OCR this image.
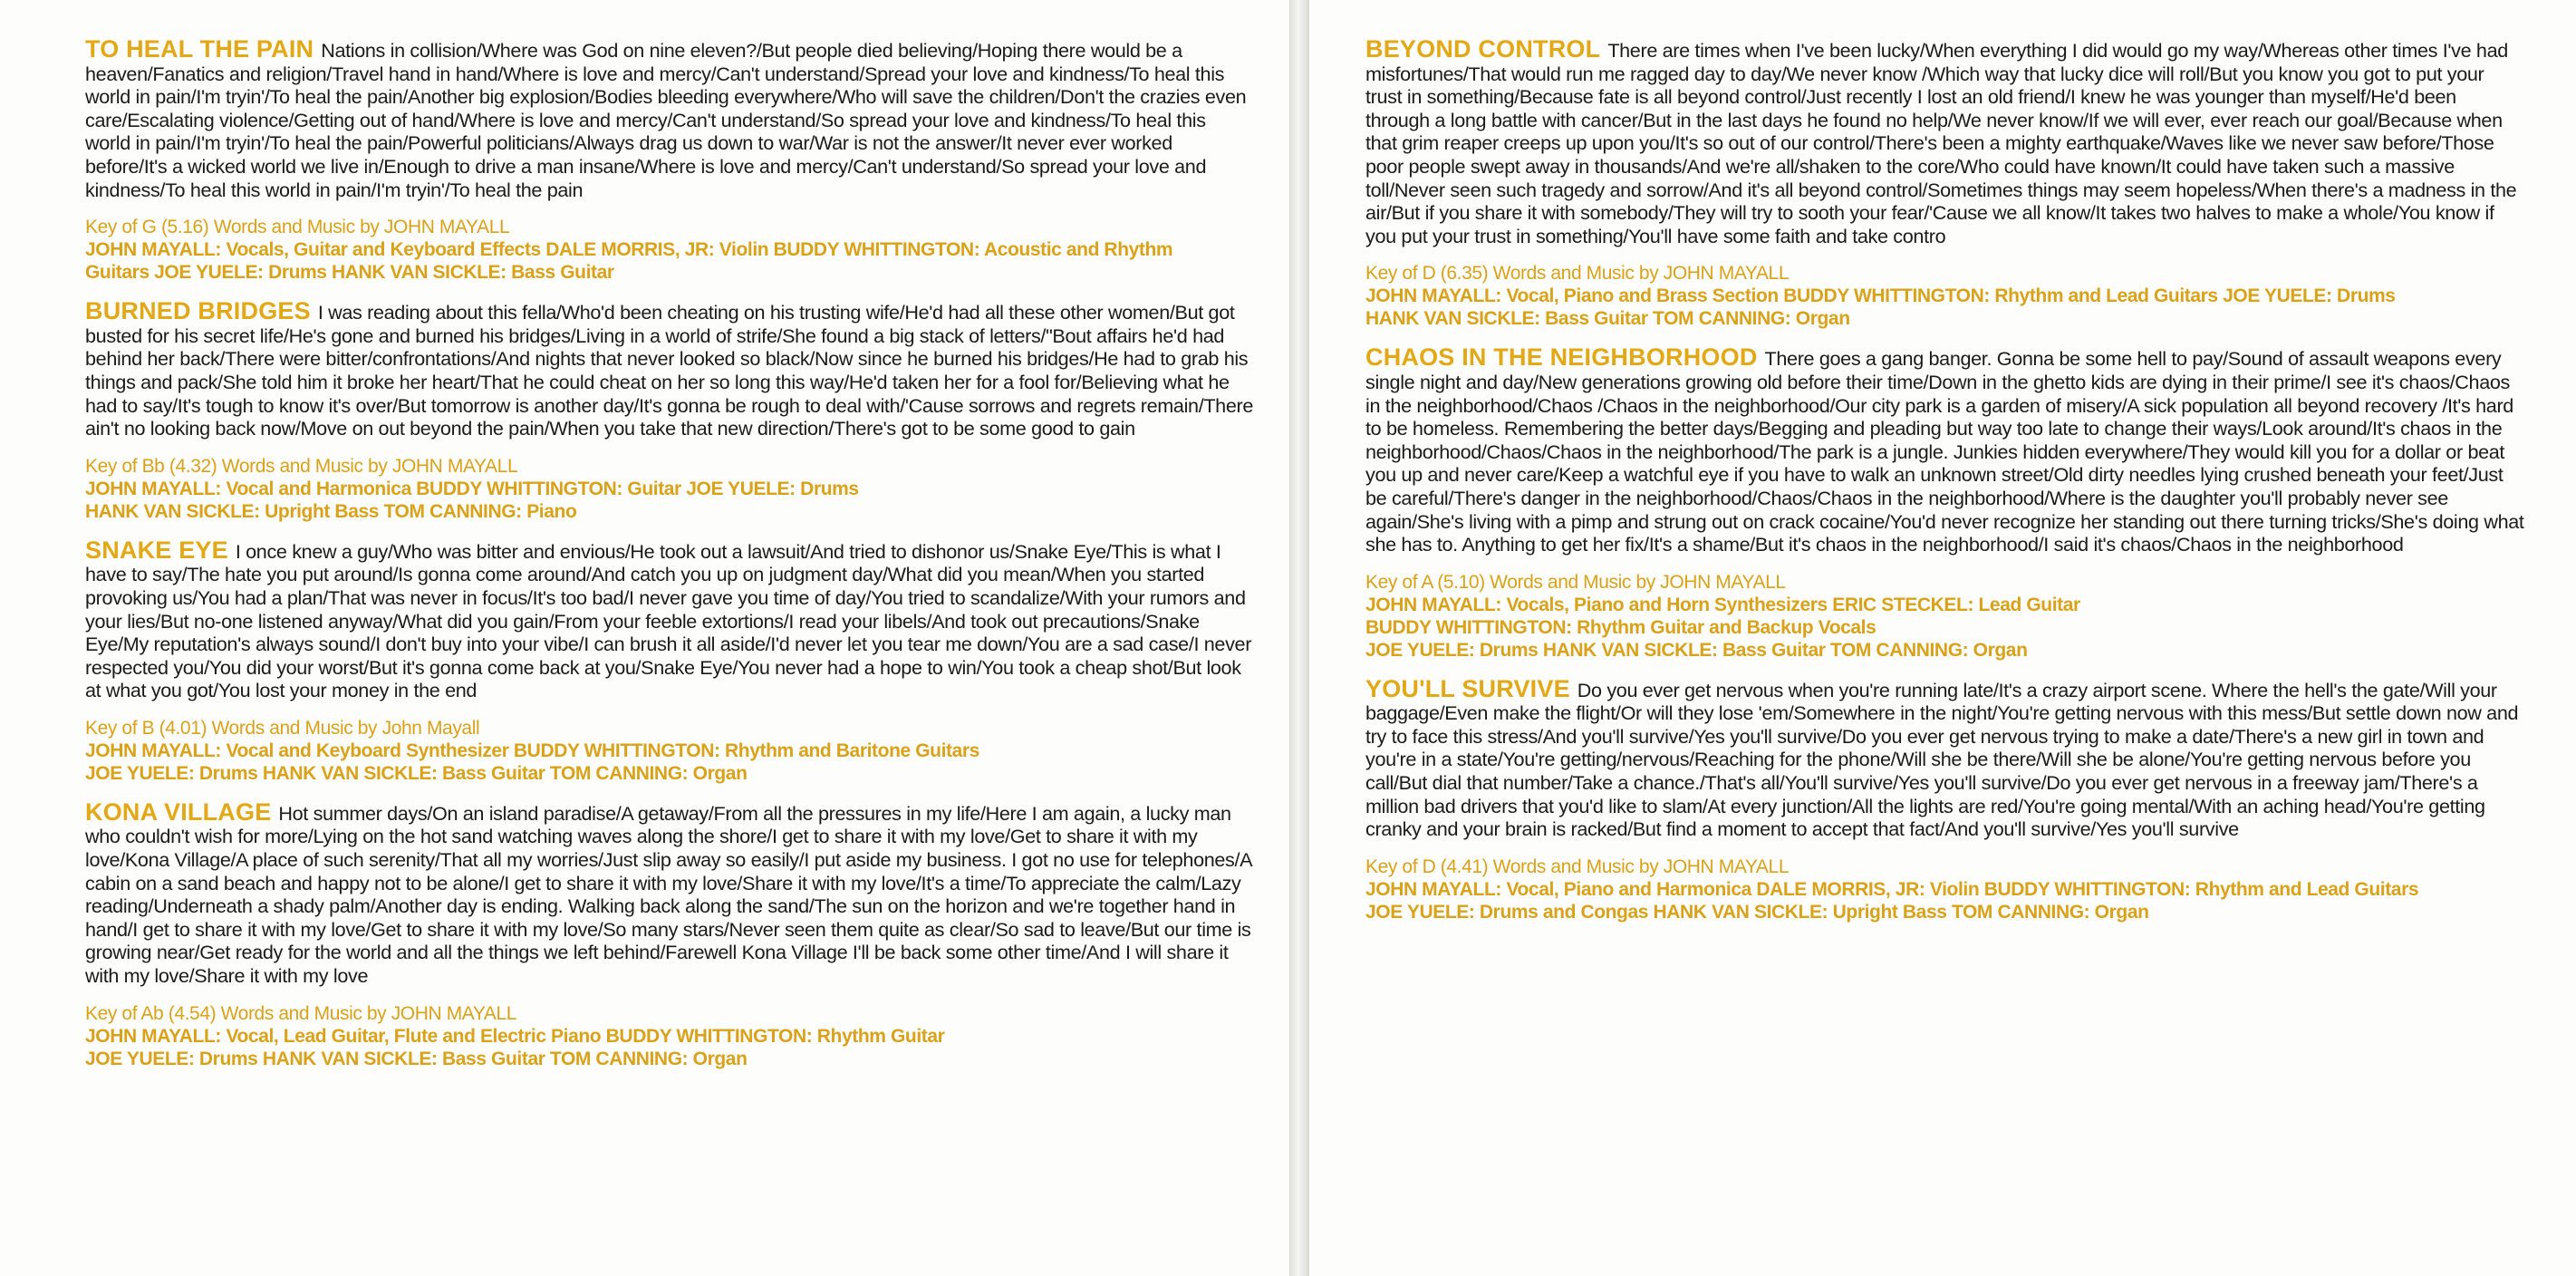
TO HEAL THE PAIN Nations in collision/Where was God on nine eleven?/But people died believing/Hoping there would be a heaven/Fanatics and religion/Travel hand in hand/Where is love and mercy/Can't understand/Spread your love and kindness/To heal this world in pain/I'm tryin'/To heal the pain/Another big explosion/Bodies bleeding everywhere/Who will save the children/Don't the crazies even care/Escalating violence/Getting out of hand/Where is love and mercy/Can't understand/So spread your love and kindness/To heal this world in pain/I'm tryin'/To heal the pain/Powerful politicians/Always drag us down to war/War is not the answer/It never ever worked before/It's a wicked world we live in/Enough to drive a man insane/Where is love and mercy/Can't understand/So spread your love and kindness/To heal this world in pain/I'm tryin'/To heal the pain

Key of G (5.16) Words and Music by JOHN MAYALL
JOHN MAYALL: Vocals, Guitar and Keyboard Effects DALE MORRIS, JR: Violin BUDDY WHITTINGTON: Acoustic and Rhythm
Guitars JOE YUELE: Drums HANK VAN SICKLE: Bass Guitar

BURNED BRIDGES I was reading about this fella/Who'd been cheating on his trusting wife/He'd had all these other women/But got busted for his secret life/He's gone and burned his bridges/Living in a world of strife/She found a big stack of letters/"Bout affairs he'd had behind her back/There were bitter/confrontations/And nights that never looked so black/Now since he burned his bridges/He had to grab his things and pack/She told him it broke her heart/That he could cheat on her so long this way/He'd taken her for a fool for/Believing what he had to say/It's tough to know it's over/But tomorrow is another day/It's gonna be rough to deal with/'Cause sorrows and regrets remain/There ain't no looking back now/Move on out beyond the pain/When you take that new direction/There's got to be some good to gain

Key of Bb (4.32) Words and Music by JOHN MAYALL
JOHN MAYALL: Vocal and Harmonica BUDDY WHITTINGTON: Guitar JOE YUELE: Drums
HANK VAN SICKLE: Upright Bass TOM CANNING: Piano

SNAKE EYE I once knew a guy/Who was bitter and envious/He took out a lawsuit/And tried to dishonor us/Snake Eye/This is what I have to say/The hate you put around/Is gonna come around/And catch you up on judgment day/What did you mean/When you started provoking us/You had a plan/That was never in focus/It's too bad/I never gave you time of day/You tried to scandalize/With your rumors and your lies/But no-one listened anyway/What did you gain/From your feeble extortions/I read your libels/And took out precautions/Snake Eye/My reputation's always sound/I don't buy into your vibe/I can brush it all aside/I'd never let you tear me down/You are a sad case/I never respected you/You did your worst/But it's gonna come back at you/Snake Eye/You never had a hope to win/You took a cheap shot/But look at what you got/You lost your money in the end

Key of B (4.01) Words and Music by John Mayall
JOHN MAYALL: Vocal and Keyboard Synthesizer BUDDY WHITTINGTON: Rhythm and Baritone Guitars
JOE YUELE: Drums HANK VAN SICKLE: Bass Guitar TOM CANNING: Organ

KONA VILLAGE Hot summer days/On an island paradise/A getaway/From all the pressures in my life/Here I am again, a lucky man who couldn't wish for more/Lying on the hot sand watching waves along the shore/I get to share it with my love/Get to share it with my love/Kona Village/A place of such serenity/That all my worries/Just slip away so easily/I put aside my business. I got no use for telephones/A cabin on a sand beach and happy not to be alone/I get to share it with my love/Share it with my love/It's a time/To appreciate the calm/Lazy reading/Underneath a shady palm/Another day is ending. Walking back along the sand/The sun on the horizon and we're together hand in hand/I get to share it with my love/Get to share it with my love/So many stars/Never seen them quite as clear/So sad to leave/But our time is growing near/Get ready for the world and all the things we left behind/Farewell Kona Village I'll be back some other time/And I will share it with my love/Share it with my love

Key of Ab (4.54) Words and Music by JOHN MAYALL
JOHN MAYALL: Vocal, Lead Guitar, Flute and Electric Piano BUDDY WHITTINGTON: Rhythm Guitar
JOE YUELE: Drums HANK VAN SICKLE: Bass Guitar TOM CANNING: Organ

BEYOND CONTROL There are times when I've been lucky/When everything I did would go my way/Whereas other times I've had misfortunes/That would run me ragged day to day/We never know /Which way that lucky dice will roll/But you know you got to put your trust in something/Because fate is all beyond control/Just recently I lost an old friend/I knew he was younger than myself/He'd been through a long battle with cancer/But in the last days he found no help/We never know/If we will ever, ever reach our goal/Because when that grim reaper creeps up upon you/It's so out of our control/There's been a mighty earthquake/Waves like we never saw before/Those poor people swept away in thousands/And we're all/shaken to the core/Who could have known/It could have taken such a massive toll/Never seen such tragedy and sorrow/And it's all beyond control/Sometimes things may seem hopeless/When there's a madness in the air/But if you share it with somebody/They will try to sooth your fear/'Cause we all know/It takes two halves to make a whole/You know if you put your trust in something/You'll have some faith and take contro

Key of D (6.35) Words and Music by JOHN MAYALL
JOHN MAYALL: Vocal, Piano and Brass Section BUDDY WHITTINGTON: Rhythm and Lead Guitars JOE YUELE: Drums
HANK VAN SICKLE: Bass Guitar TOM CANNING: Organ

CHAOS IN THE NEIGHBORHOOD There goes a gang banger. Gonna be some hell to pay/Sound of assault weapons every single night and day/New generations growing old before their time/Down in the ghetto kids are dying in their prime/I see it's chaos/Chaos in the neighborhood/Chaos /Chaos in the neighborhood/Our city park is a garden of misery/A sick population all beyond recovery /It's hard to be homeless. Remembering the better days/Begging and pleading but way too late to change their ways/Look around/It's chaos in the neighborhood/Chaos/Chaos in the neighborhood/The park is a jungle. Junkies hidden everywhere/They would kill you for a dollar or beat you up and never care/Keep a watchful eye if you have to walk an unknown street/Old dirty needles lying crushed beneath your feet/Just be careful/There's danger in the neighborhood/Chaos/Chaos in the neighborhood/Where is the daughter you'll probably never see again/She's living with a pimp and strung out on crack cocaine/You'd never recognize her standing out there turning tricks/She's doing what she has to. Anything to get her fix/It's a shame/But it's chaos in the neighborhood/I said it's chaos/Chaos in the neighborhood

Key of A (5.10) Words and Music by JOHN MAYALL
JOHN MAYALL: Vocals, Piano and Horn Synthesizers ERIC STECKEL: Lead Guitar
BUDDY WHITTINGTON: Rhythm Guitar and Backup Vocals
JOE YUELE: Drums HANK VAN SICKLE: Bass Guitar TOM CANNING: Organ

YOU'LL SURVIVE Do you ever get nervous when you're running late/It's a crazy airport scene. Where the hell's the gate/Will your baggage/Even make the flight/Or will they lose 'em/Somewhere in the night/You're getting nervous with this mess/But settle down now and try to face this stress/And you'll survive/Yes you'll survive/Do you ever get nervous trying to make a date/There's a new girl in town and you're in a state/You're getting/nervous/Reaching for the phone/Will she be there/Will she be alone/You're getting nervous before you call/But dial that number/Take a chance./That's all/You'll survive/Yes you'll survive/Do you ever get nervous in a freeway jam/There's a million bad drivers that you'd like to slam/At every junction/All the lights are red/You're going mental/With an aching head/You're getting cranky and your brain is racked/But find a moment to accept that fact/And you'll survive/Yes you'll survive

Key of D (4.41) Words and Music by JOHN MAYALL
JOHN MAYALL: Vocal, Piano and Harmonica DALE MORRIS, JR: Violin BUDDY WHITTINGTON: Rhythm and Lead Guitars
JOE YUELE: Drums and Congas HANK VAN SICKLE: Upright Bass TOM CANNING: Organ
